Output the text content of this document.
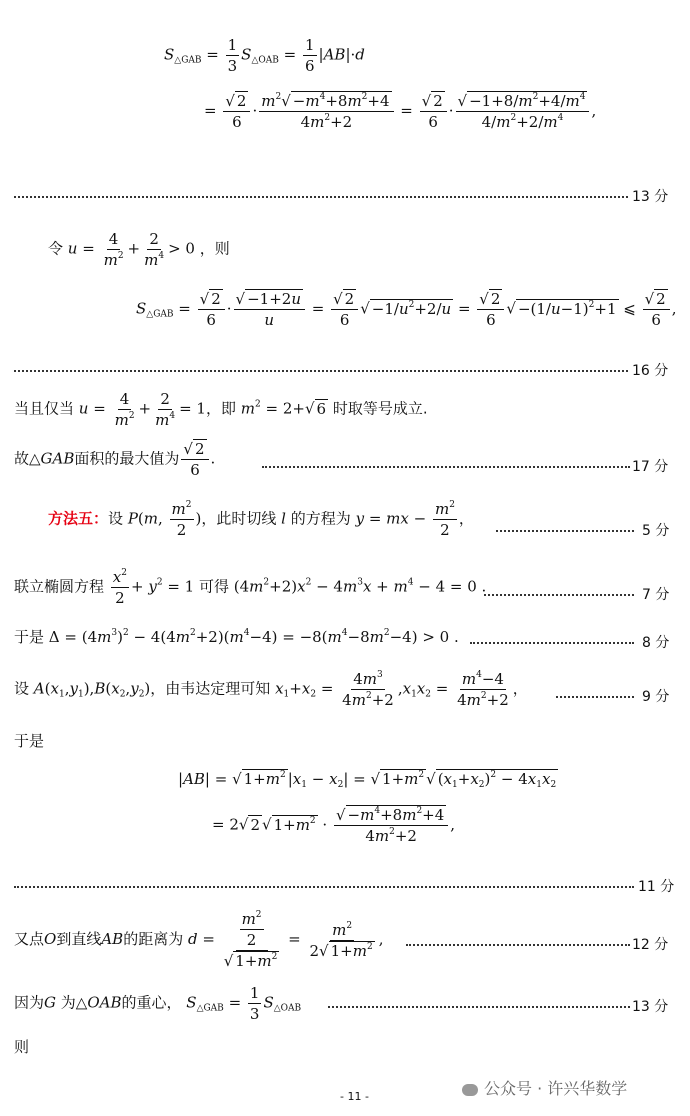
$S_{\triangle GAB} = \frac{1}{3} S_{\triangle OAB} = \frac{1}{6} |AB|\cdot d$
= $\frac{√ 2}{6} \cdot \frac{m^2√ -m^4+8m^2+4}{4m^2+2} = \frac{√ 2}{6} \cdot \frac{√ -1+8/m^2+4/m^4}{4/m^2+2/m^4}$ ,
13 分
令 $u = \frac{4}{m^2} + \frac{2}{m^4} > 0$ ，则
$S_{\triangle GAB} = \frac{√ 2}{6} \cdot \frac{√ -1+2u}{u} = \frac{√ 2}{6}$ √ $-1/u^2+2/u = \frac{√ 2}{6}$ √ $-(1/u-1)^2+1$ ⩽ $\frac{√ 2}{6}$ ,
16 分
当且仅当 $u = \frac{4}{m^2} + \frac{2}{m^4} = 1$，即 $m^2 = 2+√$ 6 时取等号成立.
故△GAB面积的最大值为 $\frac{√ 2}{6}$ .	17 分
方法五：设 P(m, $\frac{m^2}{2}$ )，此时切线 l 的方程为 y = mx − $\frac{m^2}{2}$ ，
5 分
联立椭圆方程 $\frac{x^2}{2} + y^2 = 1$ 可得 $(4m^2+2)x^2 - 4m^3x + m^4 - 4 = 0$ .	7 分
于是 $\Delta = (4m^3)^2 - 4(4m^2+2)(m^4-4) = -8(m^4-8m^2-4) > 0$ .	8 分
设 $A(x_1,y_1),B(x_2,y_2)$，由韦达定理可知 $x_1+x_2 = \frac{4m^3}{4m^2+2} ,x_1x_2 = \frac{m^4-4}{4m^2+2}$ ，	9 分
于是
|AB| = √ $1+m^2$ $|x_1 - x_2|$ = √ $1+m^2$ √ $(x_1+x_2)^2 - 4x_1x_2$
= 2√ 2 √ $1+m^2 \cdot \frac{√ -m^4+8m^2+4}{4m^2+2}$ ,
11 分
又点O到直线AB的距离为 $d = \frac{\frac{m^2}{2}}{√ 1+m^2} = \frac{m^2}{2√ 1+m^2}$ ,	12 分
因为G 为△OAB的重心， $S_{\triangle GAB} = \frac{1}{3} S_{\triangle OAB}$	13 分
则
- 11 -	公众号 · 许兴华数学
